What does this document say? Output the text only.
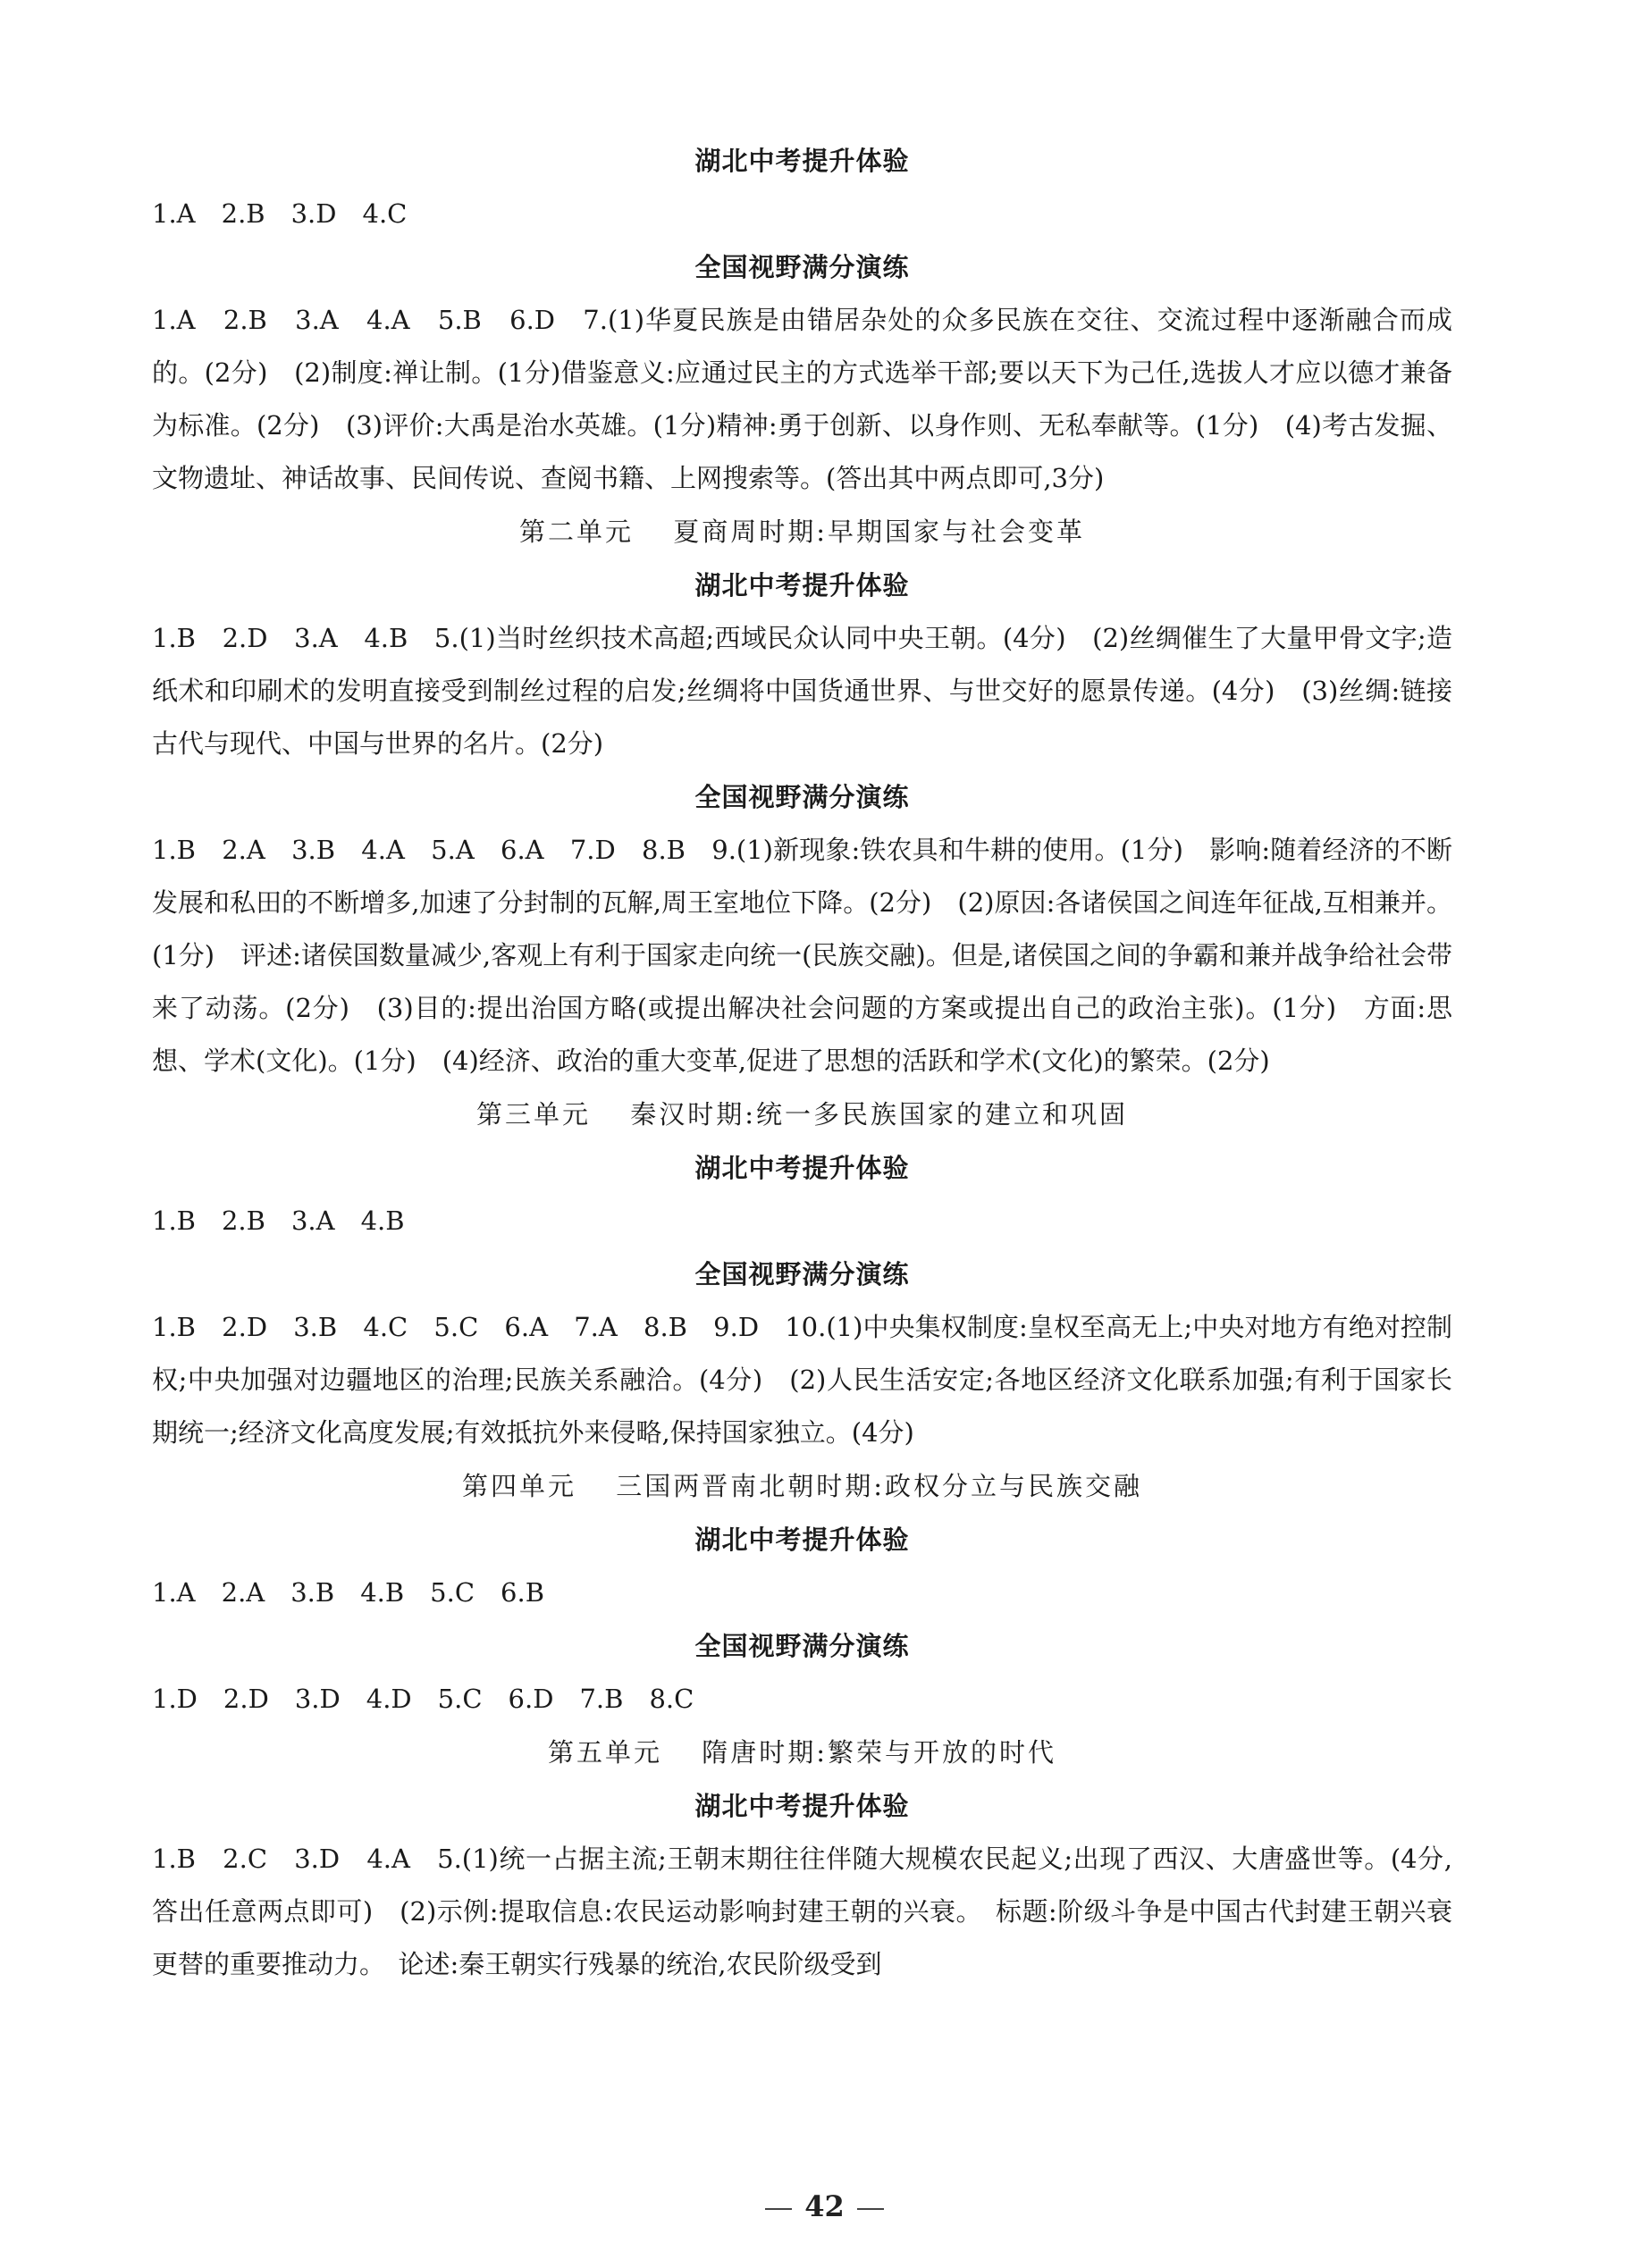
湖北中考提升体验
1.A　2.B　3.D　4.C
全国视野满分演练
1.A　2.B　3.A　4.A　5.B　6.D　7.(1)华夏民族是由错居杂处的众多民族在交往、交流过程中逐渐融合而成的。(2分)　(2)制度:禅让制。(1分)借鉴意义:应通过民主的方式选举干部;要以天下为己任,选拔人才应以德才兼备为标准。(2分)　(3)评价:大禹是治水英雄。(1分)精神:勇于创新、以身作则、无私奉献等。(1分)　(4)考古发掘、文物遗址、神话故事、民间传说、查阅书籍、上网搜索等。(答出其中两点即可,3分)
第二单元　 夏商周时期:早期国家与社会变革
湖北中考提升体验
1.B　2.D　3.A　4.B　5.(1)当时丝织技术高超;西域民众认同中央王朝。(4分)　(2)丝绸催生了大量甲骨文字;造纸术和印刷术的发明直接受到制丝过程的启发;丝绸将中国货通世界、与世交好的愿景传递。(4分)　(3)丝绸:链接古代与现代、中国与世界的名片。(2分)
全国视野满分演练
1.B　2.A　3.B　4.A　5.A　6.A　7.D　8.B　9.(1)新现象:铁农具和牛耕的使用。(1分)　影响:随着经济的不断发展和私田的不断增多,加速了分封制的瓦解,周王室地位下降。(2分)　(2)原因:各诸侯国之间连年征战,互相兼并。(1分)　评述:诸侯国数量减少,客观上有利于国家走向统一(民族交融)。但是,诸侯国之间的争霸和兼并战争给社会带来了动荡。(2分)　(3)目的:提出治国方略(或提出解决社会问题的方案或提出自己的政治主张)。(1分)　方面:思想、学术(文化)。(1分)　(4)经济、政治的重大变革,促进了思想的活跃和学术(文化)的繁荣。(2分)
第三单元　 秦汉时期:统一多民族国家的建立和巩固
湖北中考提升体验
1.B　2.B　3.A　4.B
全国视野满分演练
1.B　2.D　3.B　4.C　5.C　6.A　7.A　8.B　9.D　10.(1)中央集权制度:皇权至高无上;中央对地方有绝对控制权;中央加强对边疆地区的治理;民族关系融洽。(4分)　(2)人民生活安定;各地区经济文化联系加强;有利于国家长期统一;经济文化高度发展;有效抵抗外来侵略,保持国家独立。(4分)
第四单元　 三国两晋南北朝时期:政权分立与民族交融
湖北中考提升体验
1.A　2.A　3.B　4.B　5.C　6.B
全国视野满分演练
1.D　2.D　3.D　4.D　5.C　6.D　7.B　8.C
第五单元　 隋唐时期:繁荣与开放的时代
湖北中考提升体验
1.B　2.C　3.D　4.A　5.(1)统一占据主流;王朝末期往往伴随大规模农民起义;出现了西汉、大唐盛世等。(4分,答出任意两点即可)　(2)示例:提取信息:农民运动影响封建王朝的兴衰。　标题:阶级斗争是中国古代封建王朝兴衰更替的重要推动力。　论述:秦王朝实行残暴的统治,农民阶级受到
42
